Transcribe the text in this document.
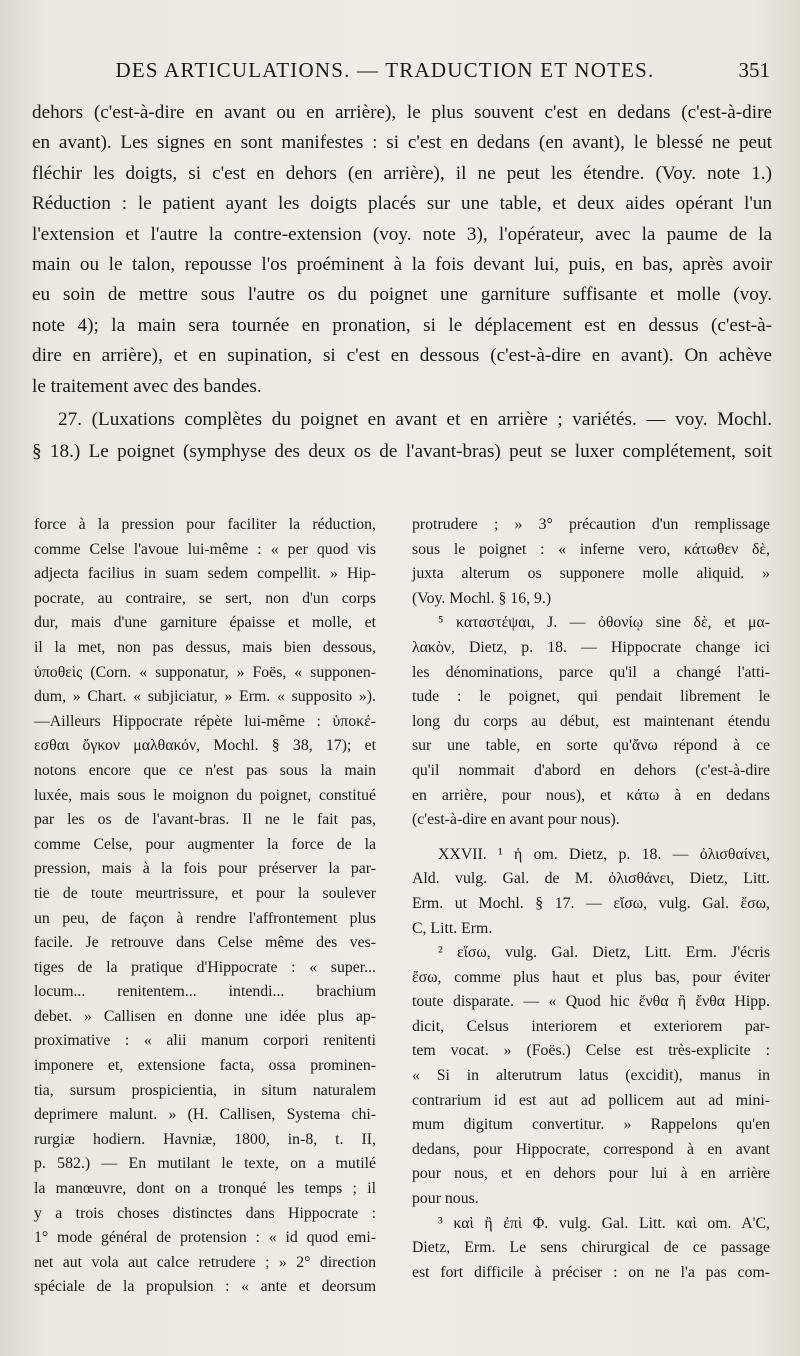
DES ARTICULATIONS. — TRADUCTION ET NOTES.	351
dehors (c'est-à-dire en avant ou en arrière), le plus souvent c'est en dedans (c'est-à-dire
en avant). Les signes en sont manifestes : si c'est en dedans (en avant), le blessé ne peut
fléchir les doigts, si c'est en dehors (en arrière), il ne peut les étendre. (Voy. note 1.)
Réduction : le patient ayant les doigts placés sur une table, et deux aides opérant l'un
l'extension et l'autre la contre-extension (voy. note 3), l'opérateur, avec la paume de la
main ou le talon, repousse l'os proéminent à la fois devant lui, puis, en bas, après avoir
eu soin de mettre sous l'autre os du poignet une garniture suffisante et molle (voy.
note 4); la main sera tournée en pronation, si le déplacement est en dessus (c'est-à-
dire en arrière), et en supination, si c'est en dessous (c'est-à-dire en avant). On achève
le traitement avec des bandes.
27. (Luxations complètes du poignet en avant et en arrière ; variétés. — voy. Mochl.
§ 18.) Le poignet (symphyse des deux os de l'avant-bras) peut se luxer complétement, soit
force à la pression pour faciliter la réduction,
comme Celse l'avoue lui-même : « per quod vis
adjecta facilius in suam sedem compellit. » Hip-
pocrate, au contraire, se sert, non d'un corps
dur, mais d'une garniture épaisse et molle, et
il la met, non pas dessus, mais bien dessous,
ὑποθεὶς (Corn. « supponatur, » Foës, « supponen-
dum, » Chart. « subjiciatur, » Erm. « supposito »).
—Ailleurs Hippocrate répète lui-même : ὑποκέ-
εσθαι ὄγκον μαλθακόν, Mochl. § 38, 17); et
notons encore que ce n'est pas sous la main
luxée, mais sous le moignon du poignet, constitué
par les os de l'avant-bras. Il ne le fait pas,
comme Celse, pour augmenter la force de la
pression, mais à la fois pour préserver la par-
tie de toute meurtrissure, et pour la soulever
un peu, de façon à rendre l'affrontement plus
facile. Je retrouve dans Celse même des ves-
tiges de la pratique d'Hippocrate : « super...
locum... renitentem... intendi... brachium
debet. » Callisen en donne une idée plus ap-
proximative : « alii manum corpori renitenti
imponere et, extensione facta, ossa prominen-
tia, sursum prospicientia, in situm naturalem
deprimere malunt. » (H. Callisen, Systema chi-
rurgiæ hodiern. Havniæ, 1800, in-8, t. II,
p. 582.) — En mutilant le texte, on a mutilé
la manœuvre, dont on a tronqué les temps ; il
y a trois choses distinctes dans Hippocrate :
1° mode général de protension : « id quod emi-
net aut vola aut calce retrudere ; » 2° direction
spéciale de la propulsion : « ante et deorsum
protrudere ; » 3° précaution d'un remplissage
sous le poignet : « inferne vero, κάτωθεν δὲ,
juxta alterum os supponere molle aliquid. »
(Voy. Mochl. § 16, 9.)
⁵ καταστέψαι, J. — ὀθονίῳ sine δὲ, et μα-
λακὸν, Dietz, p. 18. — Hippocrate change ici
les dénominations, parce qu'il a changé l'atti-
tude : le poignet, qui pendait librement le
long du corps au début, est maintenant étendu
sur une table, en sorte qu'ἄνω répond à ce
qu'il nommait d'abord en dehors (c'est-à-dire
en arrière, pour nous), et κάτω à en dedans
(c'est-à-dire en avant pour nous).
XXVII. ¹ ἡ om. Dietz, p. 18. — ὀλισθαίνει,
Ald. vulg. Gal. de M. ὀλισθάνει, Dietz, Litt.
Erm. ut Mochl. § 17. — εἴσω, vulg. Gal. ἔσω,
C, Litt. Erm.
² εἴσω, vulg. Gal. Dietz, Litt. Erm. J'écris
ἔσω, comme plus haut et plus bas, pour éviter
toute disparate. — « Quod hic ἔνθα ἢ ἔνθα Hipp.
dicit, Celsus interiorem et exteriorem par-
tem vocat. » (Foës.) Celse est très-explicite :
« Si in alterutrum latus (excidit), manus in
contrarium id est aut ad pollicem aut ad mini-
mum digitum convertitur. » Rappelons qu'en
dedans, pour Hippocrate, correspond à en avant
pour nous, et en dehors pour lui à en arrière
pour nous.
³ καὶ ἢ ἐπὶ Φ. vulg. Gal. Litt. καὶ om. A'C,
Dietz, Erm. Le sens chirurgical de ce passage
est fort difficile à préciser : on ne l'a pas com-
